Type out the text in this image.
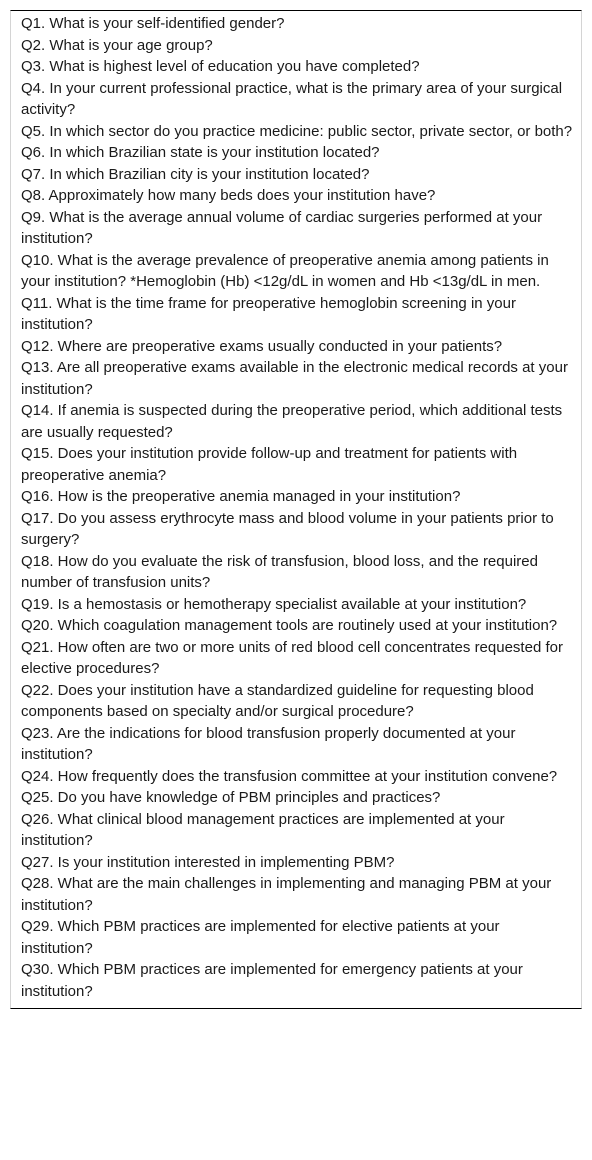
Q1. What is your self-identified gender?
Q2. What is your age group?
Q3. What is highest level of education you have completed?
Q4. In your current professional practice, what is the primary area of your surgical activity?
Q5. In which sector do you practice medicine: public sector, private sector, or both?
Q6. In which Brazilian state is your institution located?
Q7. In which Brazilian city is your institution located?
Q8. Approximately how many beds does your institution have?
Q9. What is the average annual volume of cardiac surgeries performed at your institution?
Q10. What is the average prevalence of preoperative anemia among patients in your institution? *Hemoglobin (Hb) <12g/dL in women and Hb <13g/dL in men.
Q11. What is the time frame for preoperative hemoglobin screening in your institution?
Q12. Where are preoperative exams usually conducted in your patients?
Q13. Are all preoperative exams available in the electronic medical records at your institution?
Q14. If anemia is suspected during the preoperative period, which additional tests are usually requested?
Q15. Does your institution provide follow-up and treatment for patients with preoperative anemia?
Q16. How is the preoperative anemia managed in your institution?
Q17. Do you assess erythrocyte mass and blood volume in your patients prior to surgery?
Q18. How do you evaluate the risk of transfusion, blood loss, and the required number of transfusion units?
Q19. Is a hemostasis or hemotherapy specialist available at your institution?
Q20. Which coagulation management tools are routinely used at your institution?
Q21. How often are two or more units of red blood cell concentrates requested for elective procedures?
Q22. Does your institution have a standardized guideline for requesting blood components based on specialty and/or surgical procedure?
Q23. Are the indications for blood transfusion properly documented at your institution?
Q24. How frequently does the transfusion committee at your institution convene?
Q25. Do you have knowledge of PBM principles and practices?
Q26. What clinical blood management practices are implemented at your institution?
Q27. Is your institution interested in implementing PBM?
Q28. What are the main challenges in implementing and managing PBM at your institution?
Q29. Which PBM practices are implemented for elective patients at your institution?
Q30. Which PBM practices are implemented for emergency patients at your institution?
